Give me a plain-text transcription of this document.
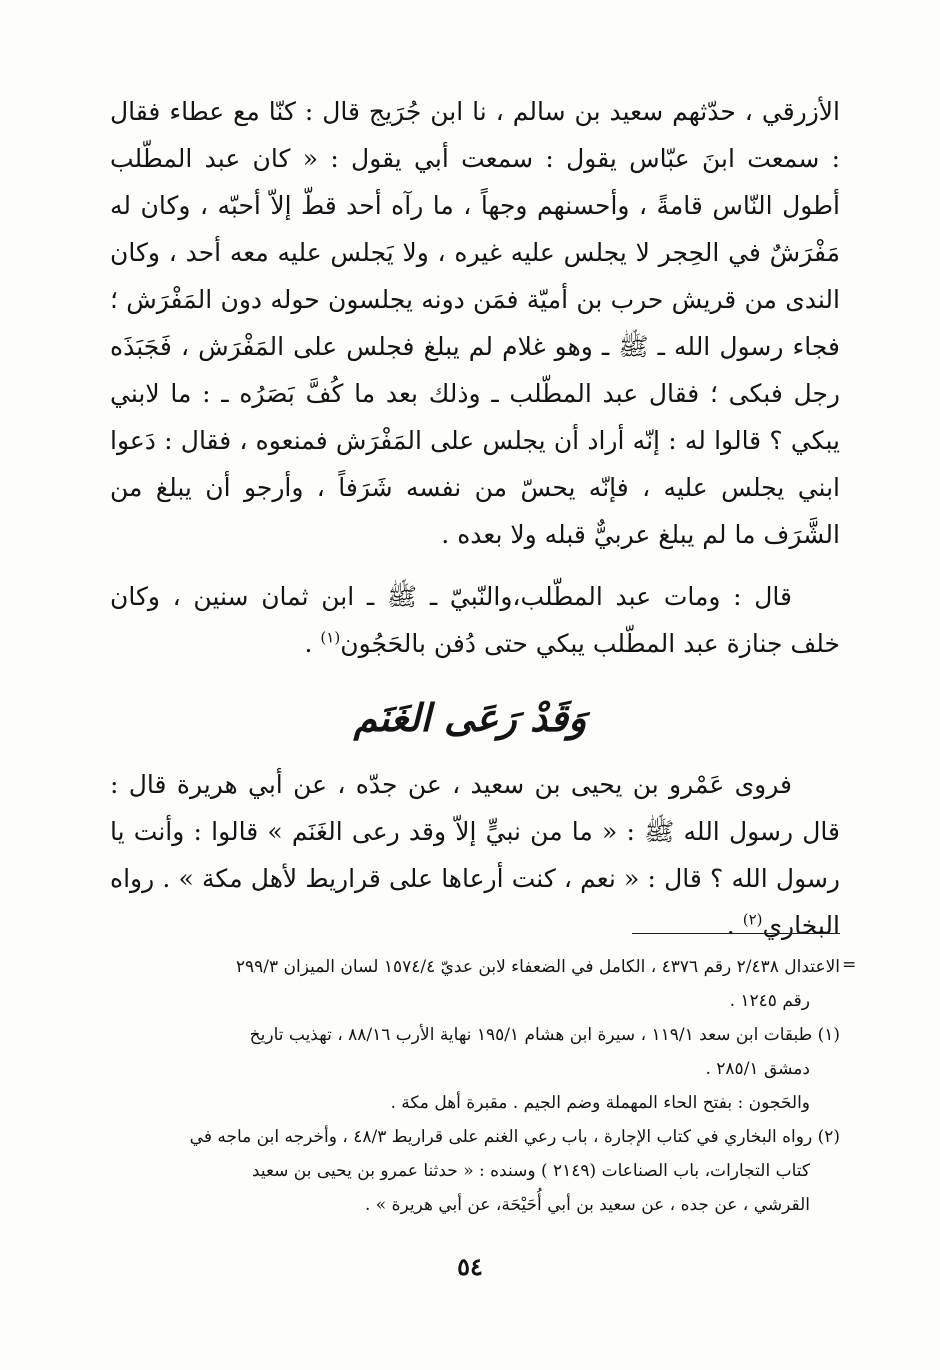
الأزرقي ، حدّثهم سعيد بن سالم ، نا ابن جُرَيج قال : كنّا مع عطاء فقال : سمعت ابنَ عبّاس يقول : سمعت أبي يقول : « كان عبد المطّلب أطول النّاس قامةً ، وأحسنهم وجهاً ، ما رآه أحد قطّ إلاّ أحبّه ، وكان له مَفْرَشٌ في الحِجر لا يجلس عليه غيره ، ولا يَجلس عليه معه أحد ، وكان الندى من قريش حرب بن أميّة فمَن دونه يجلسون حوله دون المَفْرَش ؛ فجاء رسول الله ـ ﷺ ـ وهو غلام لم يبلغ فجلس على المَفْرَش ، فَجَبَذَه رجل فبكى ؛ فقال عبد المطّلب ـ وذلك بعد ما كُفَّ بَصَرُه ـ : ما لابني يبكي ؟ قالوا له : إنّه أراد أن يجلس على المَفْرَش فمنعوه ، فقال : دَعوا ابني يجلس عليه ، فإنّه يحسّ من نفسه شَرَفاً ، وأرجو أن يبلغ من الشَّرَف ما لم يبلغ عربيٌّ قبله ولا بعده .

قال : ومات عبد المطّلب،والنّبيّ ـ ﷺ ـ ابن ثمان سنين ، وكان خلف جنازة عبد المطّلب يبكي حتى دُفن بالحَجُون$^{(١)}$ .

وَقَدْ رَعَى الغَنَم

فروى عَمْرو بن يحيى بن سعيد ، عن جدّه ، عن أبي هريرة قال : قال رسول الله ﷺ : « ما من نبيٍّ إلاّ وقد رعى الغَنَم » قالوا : وأنت يا رسول الله ؟ قال : « نعم ، كنت أرعاها على قراريط لأهل مكة » . رواه البخاري$^{(٢)}$ .

=
الاعتدال ٢/٤٣٨ رقم ٤٣٧٦ ، الكامل في الضعفاء لابن عديّ ١٥٧٤/٤ لسان الميزان ٢٩٩/٣
رقم ١٢٤٥ .
(١) طبقات ابن سعد ١١٩/١ ، سيرة ابن هشام ١٩٥/١ نهاية الأرب ٨٨/١٦ ، تهذيب تاريخ
دمشق ٢٨٥/١ .
والحَجون : بفتح الحاء المهملة وضم الجيم . مقبرة أهل مكة .
(٢) رواه البخاري في كتاب الإجارة ، باب رعي الغنم على قراريط ٤٨/٣ ، وأخرجه ابن ماجه في
كتاب التجارات، باب الصناعات (٢١٤٩ ) وسنده : « حدثنا عمرو بن يحيى بن سعيد
القرشي ، عن جده ، عن سعيد بن أبي أُحَيْحَة، عن أبي هريرة » .
٥٤
